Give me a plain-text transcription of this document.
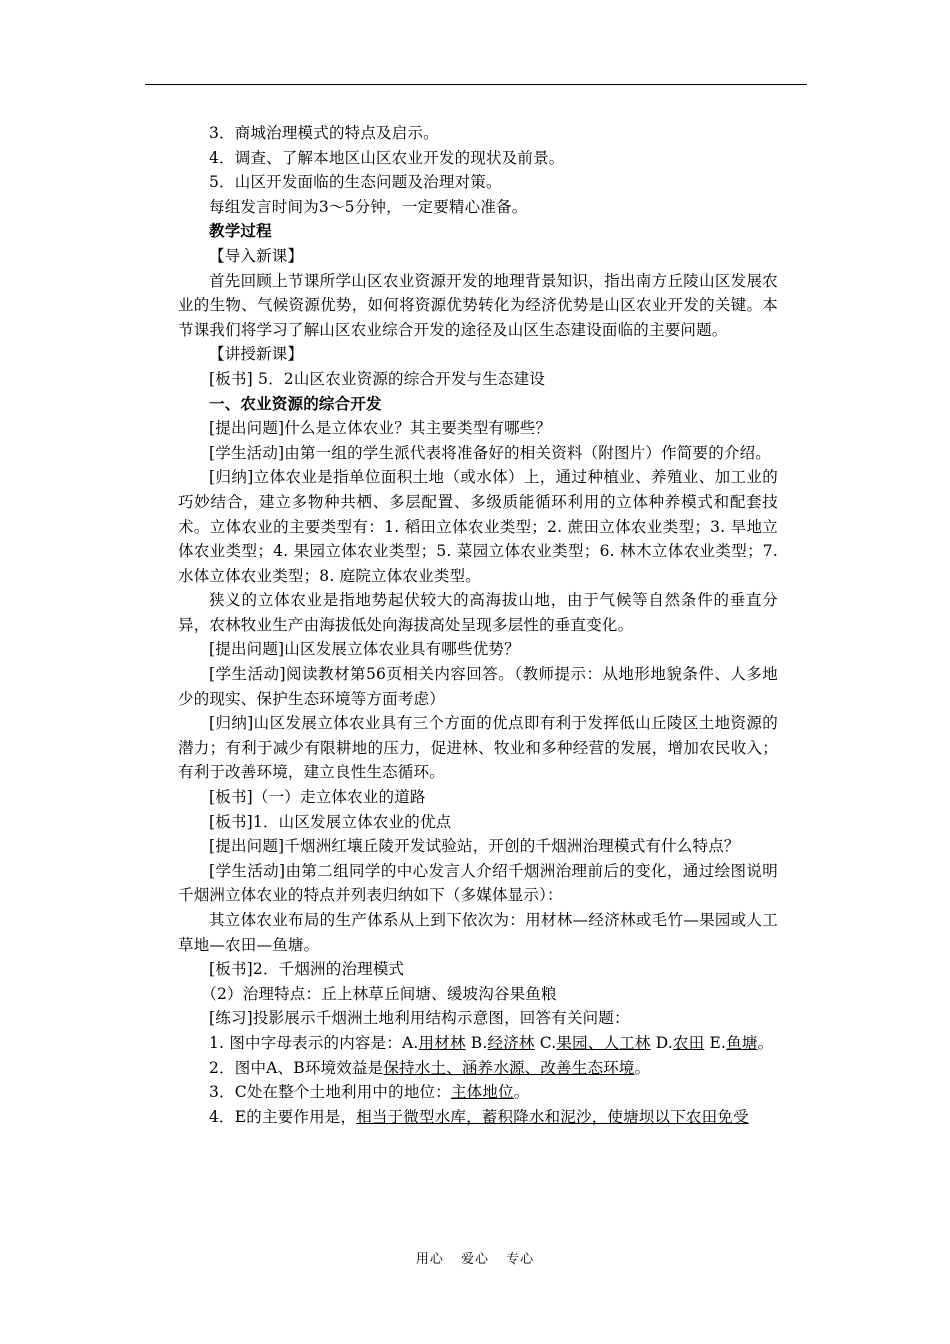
3．商城治理模式的特点及启示。

4．调查、了解本地区山区农业开发的现状及前景。

5．山区开发面临的生态问题及治理对策。

每组发言时间为3～5分钟，一定要精心准备。

教学过程

【导入新课】

首先回顾上节课所学山区农业资源开发的地理背景知识，指出南方丘陵山区发展农业的生物、气候资源优势，如何将资源优势转化为经济优势是山区农业开发的关键。本节课我们将学习了解山区农业综合开发的途径及山区生态建设面临的主要问题。

【讲授新课】

[板书] 5．2山区农业资源的综合开发与生态建设

一、农业资源的综合开发

[提出问题]什么是立体农业？其主要类型有哪些？

[学生活动]由第一组的学生派代表将准备好的相关资料（附图片）作简要的介绍。

[归纳]立体农业是指单位面积土地（或水体）上，通过种植业、养殖业、加工业的巧妙结合，建立多物种共栖、多层配置、多级质能循环利用的立体种养模式和配套技术。立体农业的主要类型有：1. 稻田立体农业类型；2. 蔗田立体农业类型；3. 旱地立体农业类型；4. 果园立体农业类型；5. 菜园立体农业类型；6. 林木立体农业类型；7. 水体立体农业类型；8. 庭院立体农业类型。

狭义的立体农业是指地势起伏较大的高海拔山地，由于气候等自然条件的垂直分异，农林牧业生产由海拔低处向海拔高处呈现多层性的垂直变化。

[提出问题]山区发展立体农业具有哪些优势？

[学生活动]阅读教材第56页相关内容回答。（教师提示：从地形地貌条件、人多地少的现实、保护生态环境等方面考虑）

[归纳]山区发展立体农业具有三个方面的优点即有利于发挥低山丘陵区土地资源的潜力；有利于减少有限耕地的压力，促进林、牧业和多种经营的发展，增加农民收入；有利于改善环境，建立良性生态循环。

[板书]（一）走立体农业的道路

[板书]1．山区发展立体农业的优点

[提出问题]千烟洲红壤丘陵开发试验站，开创的千烟洲治理模式有什么特点？

[学生活动]由第二组同学的中心发言人介绍千烟洲治理前后的变化，通过绘图说明千烟洲立体农业的特点并列表归纳如下（多媒体显示）：

其立体农业布局的生产体系从上到下依次为：用材林—经济林或毛竹—果园或人工草地—农田—鱼塘。

[板书]2．千烟洲的治理模式

（2）治理特点：丘上林草丘间塘、缓坡沟谷果鱼粮

[练习]投影展示千烟洲土地利用结构示意图，回答有关问题：

1. 图中字母表示的内容是：A.用材林 B.经济林 C.果园、人工林 D.农田 E.鱼塘。

2．图中A、B环境效益是保持水土、涵养水源、改善生态环境。

3．C处在整个土地利用中的地位：主体地位。

4．E的主要作用是，相当于微型水库，蓄积降水和泥沙，使塘坝以下农田免受

用心 爱心 专心
